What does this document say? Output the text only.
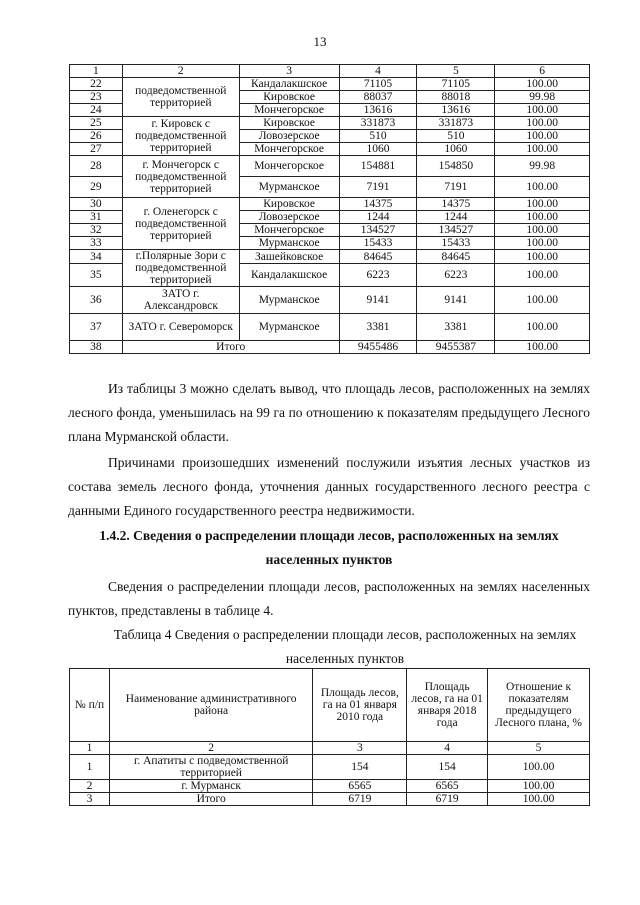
13
1	2	3	4	5	6
22	подведомственной территорией	Кандалакшское	71105	71105	100.00
23		Кировское	88037	88018	99.98
24		Мончегорское	13616	13616	100.00
25	г. Кировск с подведомственной территорией	Кировское	331873	331873	100.00
26		Ловозерское	510	510	100.00
27		Мончегорское	1060	1060	100.00
28	г. Мончегорск с подведомственной территорией	Мончегорское	154881	154850	99.98
29		Мурманское	7191	7191	100.00
30	г. Оленегорск с подведомственной территорией	Кировское	14375	14375	100.00
31		Ловозерское	1244	1244	100.00
32		Мончегорское	134527	134527	100.00
33		Мурманское	15433	15433	100.00
34	г.Полярные Зори с подведомственной территорией	Зашейковское	84645	84645	100.00
35		Кандалакшское	6223	6223	100.00
36	ЗАТО г. Александровск	Мурманское	9141	9141	100.00
37	ЗАТО г. Североморск	Мурманское	3381	3381	100.00
38	Итого		9455486	9455387	100.00
Из таблицы 3 можно сделать вывод, что площадь лесов, расположенных на землях лесного фонда, уменьшилась на 99 га по отношению к показателям предыдущего Лесного плана Мурманской области.
Причинами произошедших изменений послужили изъятия лесных участков из состава земель лесного фонда, уточнения данных государственного лесного реестра с данными Единого государственного реестра недвижимости.
1.4.2. Сведения о распределении площади лесов, расположенных на землях населенных пунктов
Сведения о распределении площади лесов, расположенных на землях населенных пунктов, представлены в таблице 4.
Таблица 4 Сведения о распределении площади лесов, расположенных на землях населенных пунктов
№ п/п	Наименование административного района	Площадь лесов, га на 01 января 2010 года	Площадь лесов, га на 01 января 2018 года	Отношение к показателям предыдущего Лесного плана, %
1	2	3	4	5
1	г. Апатиты с подведомственной территорией	154	154	100.00
2	г. Мурманск	6565	6565	100.00
3	Итого	6719	6719	100.00
